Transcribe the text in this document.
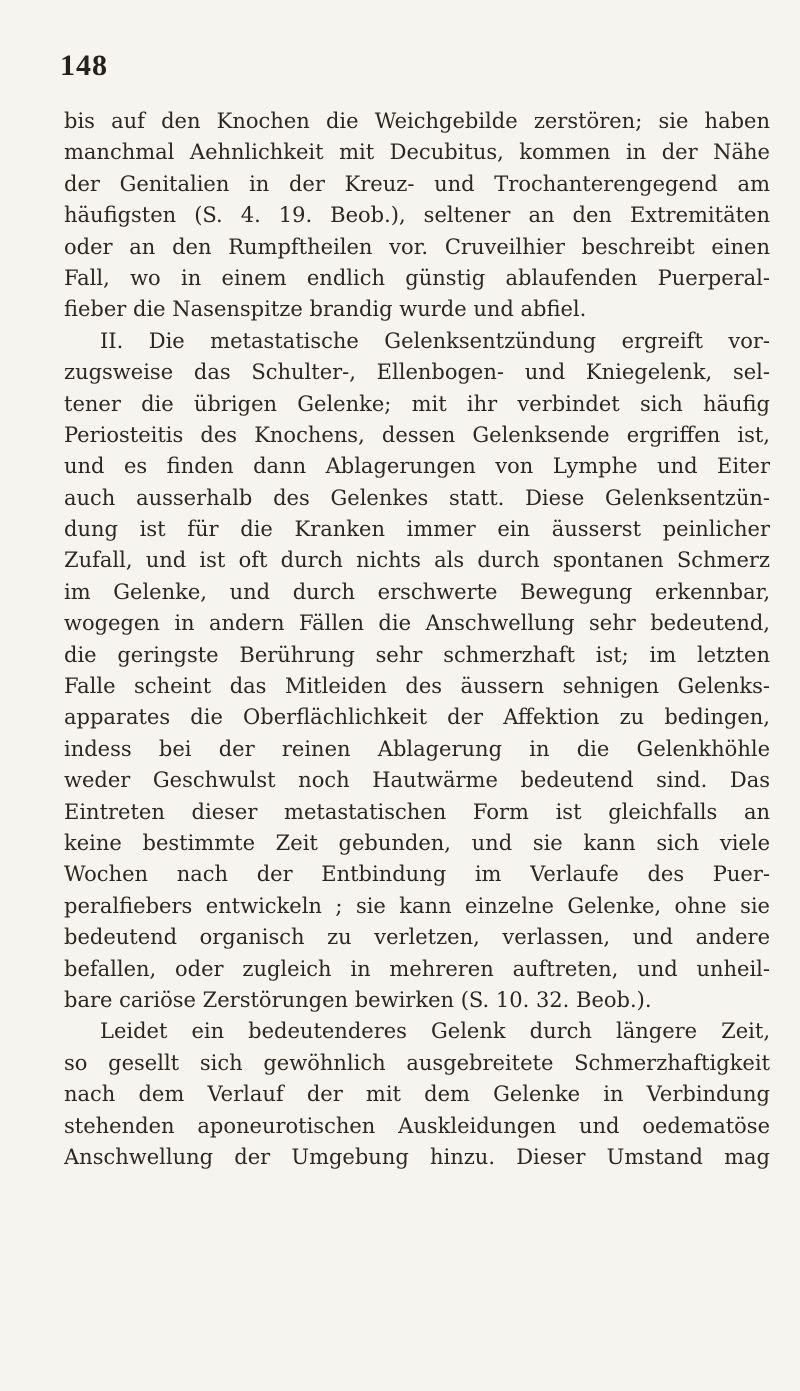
148
bis auf den Knochen die Weichgebilde zerstören; sie haben
manchmal Aehnlichkeit mit Decubitus, kommen in der Nähe
der Genitalien in der Kreuz- und Trochanterengegend am
häufigsten (S. 4. 19. Beob.), seltener an den Extremitäten
oder an den Rumpftheilen vor. Cruveilhier beschreibt einen
Fall, wo in einem endlich günstig ablaufenden Puerperal-
fieber die Nasenspitze brandig wurde und abfiel.
II. Die metastatische Gelenksentzündung ergreift vor-
zugsweise das Schulter-, Ellenbogen- und Kniegelenk, sel-
tener die übrigen Gelenke; mit ihr verbindet sich häufig
Periosteitis des Knochens, dessen Gelenksende ergriffen ist,
und es finden dann Ablagerungen von Lymphe und Eiter
auch ausserhalb des Gelenkes statt. Diese Gelenksentzün-
dung ist für die Kranken immer ein äusserst peinlicher
Zufall, und ist oft durch nichts als durch spontanen Schmerz
im Gelenke, und durch erschwerte Bewegung erkennbar,
wogegen in andern Fällen die Anschwellung sehr bedeutend,
die geringste Berührung sehr schmerzhaft ist; im letzten
Falle scheint das Mitleiden des äussern sehnigen Gelenks-
apparates die Oberflächlichkeit der Affektion zu bedingen,
indess bei der reinen Ablagerung in die Gelenkhöhle
weder Geschwulst noch Hautwärme bedeutend sind. Das
Eintreten dieser metastatischen Form ist gleichfalls an
keine bestimmte Zeit gebunden, und sie kann sich viele
Wochen nach der Entbindung im Verlaufe des Puer-
peralfiebers entwickeln ; sie kann einzelne Gelenke, ohne sie
bedeutend organisch zu verletzen, verlassen, und andere
befallen, oder zugleich in mehreren auftreten, und unheil-
bare cariöse Zerstörungen bewirken (S. 10. 32. Beob.).
Leidet ein bedeutenderes Gelenk durch längere Zeit,
so gesellt sich gewöhnlich ausgebreitete Schmerzhaftigkeit
nach dem Verlauf der mit dem Gelenke in Verbindung
stehenden aponeurotischen Auskleidungen und oedematöse
Anschwellung der Umgebung hinzu. Dieser Umstand mag
